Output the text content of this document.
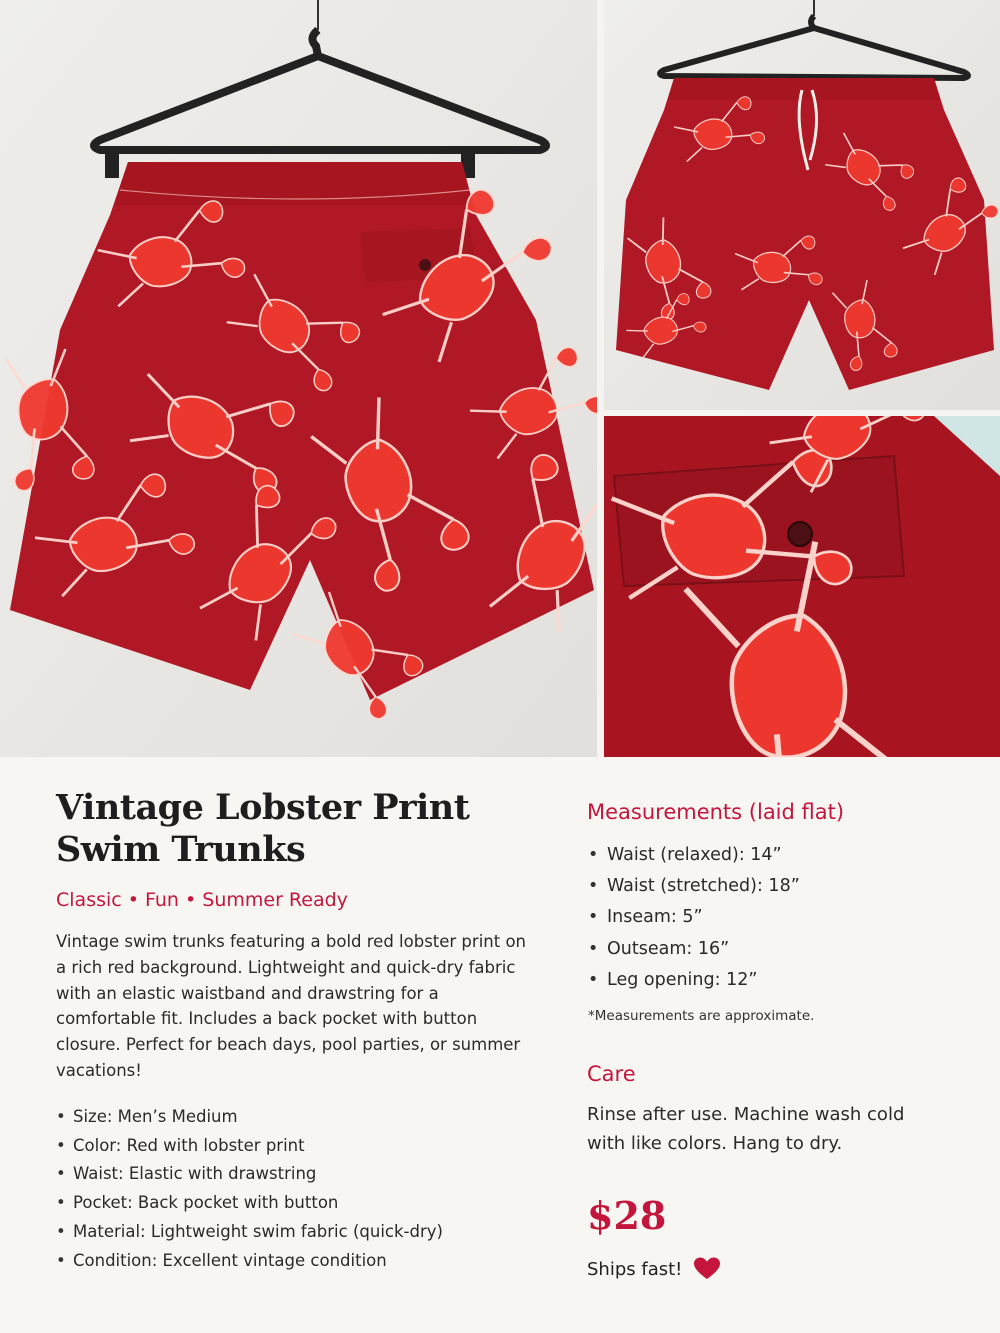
Vintage Lobster Print Swim Trunks

Classic • Fun • Summer Ready

Vintage swim trunks featuring a bold red lobster print on a rich red background. Lightweight and quick-dry fabric with an elastic waistband and drawstring for a comfortable fit. Includes a back pocket with button closure. Perfect for beach days, pool parties, or summer vacations!

• Size: Men’s Medium
• Color: Red with lobster print
• Waist: Elastic with drawstring
• Pocket: Back pocket with button
• Material: Lightweight swim fabric (quick-dry)
• Condition: Excellent vintage condition
Measurements (laid flat)
• Waist (relaxed): 14”
• Waist (stretched): 18”
• Inseam: 5”
• Outseam: 16”
• Leg opening: 12”

*Measurements are approximate.

Care

Rinse after use. Machine wash cold with like colors. Hang to dry.

$28

Ships fast!
